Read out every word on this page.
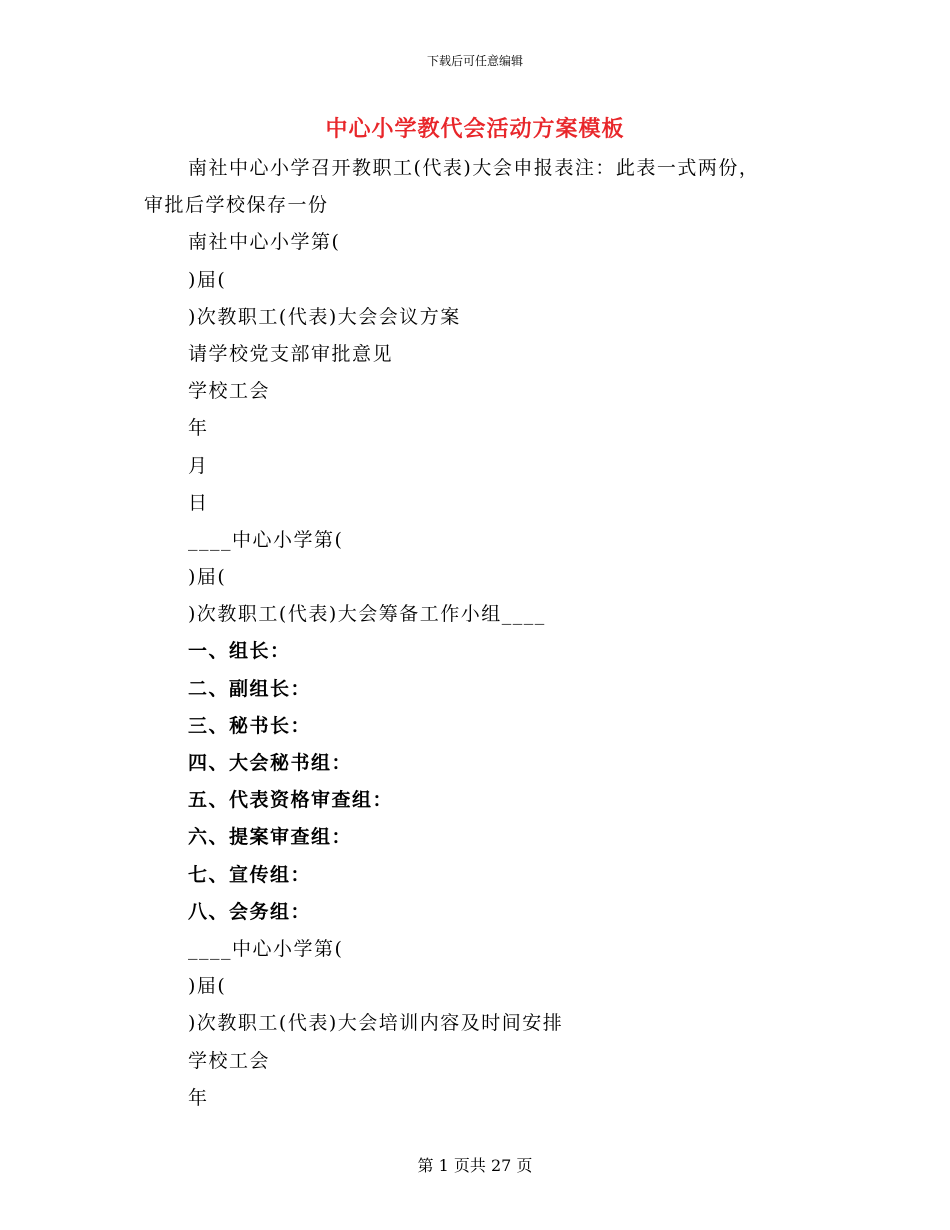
下载后可任意编辑
中心小学教代会活动方案模板
南社中心小学召开教职工(代表)大会申报表注：此表一式两份，
审批后学校保存一份
南社中心小学第(
)届(
)次教职工(代表)大会会议方案
请学校党支部审批意见
学校工会
年
月
日
____中心小学第(
)届(
)次教职工(代表)大会筹备工作小组____
一、组长：
二、副组长：
三、秘书长：
四、大会秘书组：
五、代表资格审查组：
六、提案审查组：
七、宣传组：
八、会务组：
____中心小学第(
)届(
)次教职工(代表)大会培训内容及时间安排
学校工会
年
第 1 页共 27 页
